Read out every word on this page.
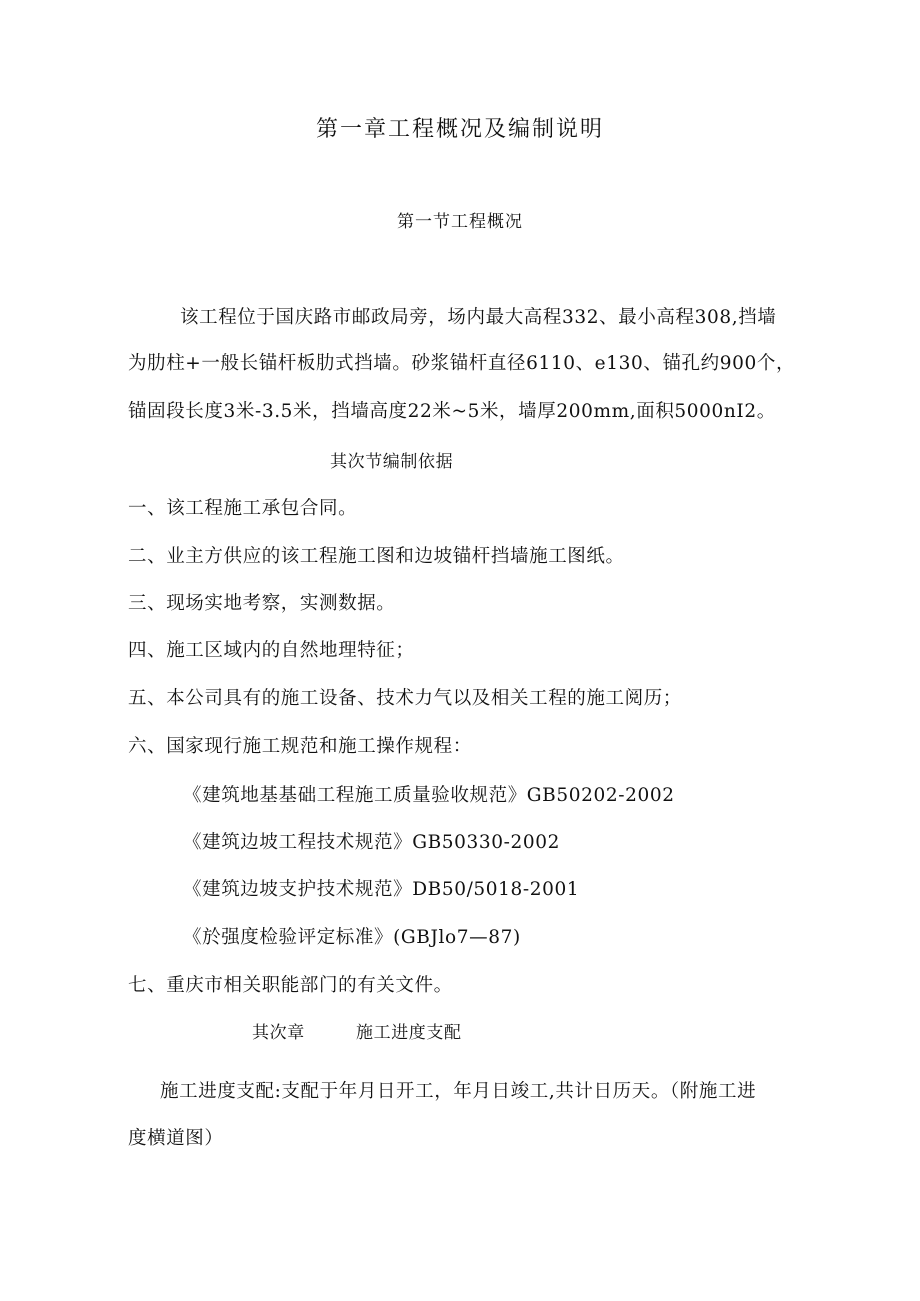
第一章工程概况及编制说明
第一节工程概况
该工程位于国庆路市邮政局旁，场内最大高程332、最小高程308,挡墙
为肋柱+一般长锚杆板肋式挡墙。砂浆锚杆直径6110、e130、锚孔约900个，
锚固段长度3米-3.5米，挡墙高度22米~5米，墙厚200mm,面积5000nI2。
其次节编制依据
一、该工程施工承包合同。
二、业主方供应的该工程施工图和边坡锚杆挡墙施工图纸。
三、现场实地考察，实测数据。
四、施工区域内的自然地理特征；
五、本公司具有的施工设备、技术力气以及相关工程的施工阅历；
六、国家现行施工规范和施工操作规程：
《建筑地基基础工程施工质量验收规范》GB50202-2002
《建筑边坡工程技术规范》GB50330-2002
《建筑边坡支护技术规范》DB50/5018-2001
《於强度检验评定标准》(GBJlo7—87)
七、重庆市相关职能部门的有关文件。
其次章	施工进度支配
施工进度支配:支配于年月日开工，年月日竣工,共计日历天。（附施工进
度横道图）
